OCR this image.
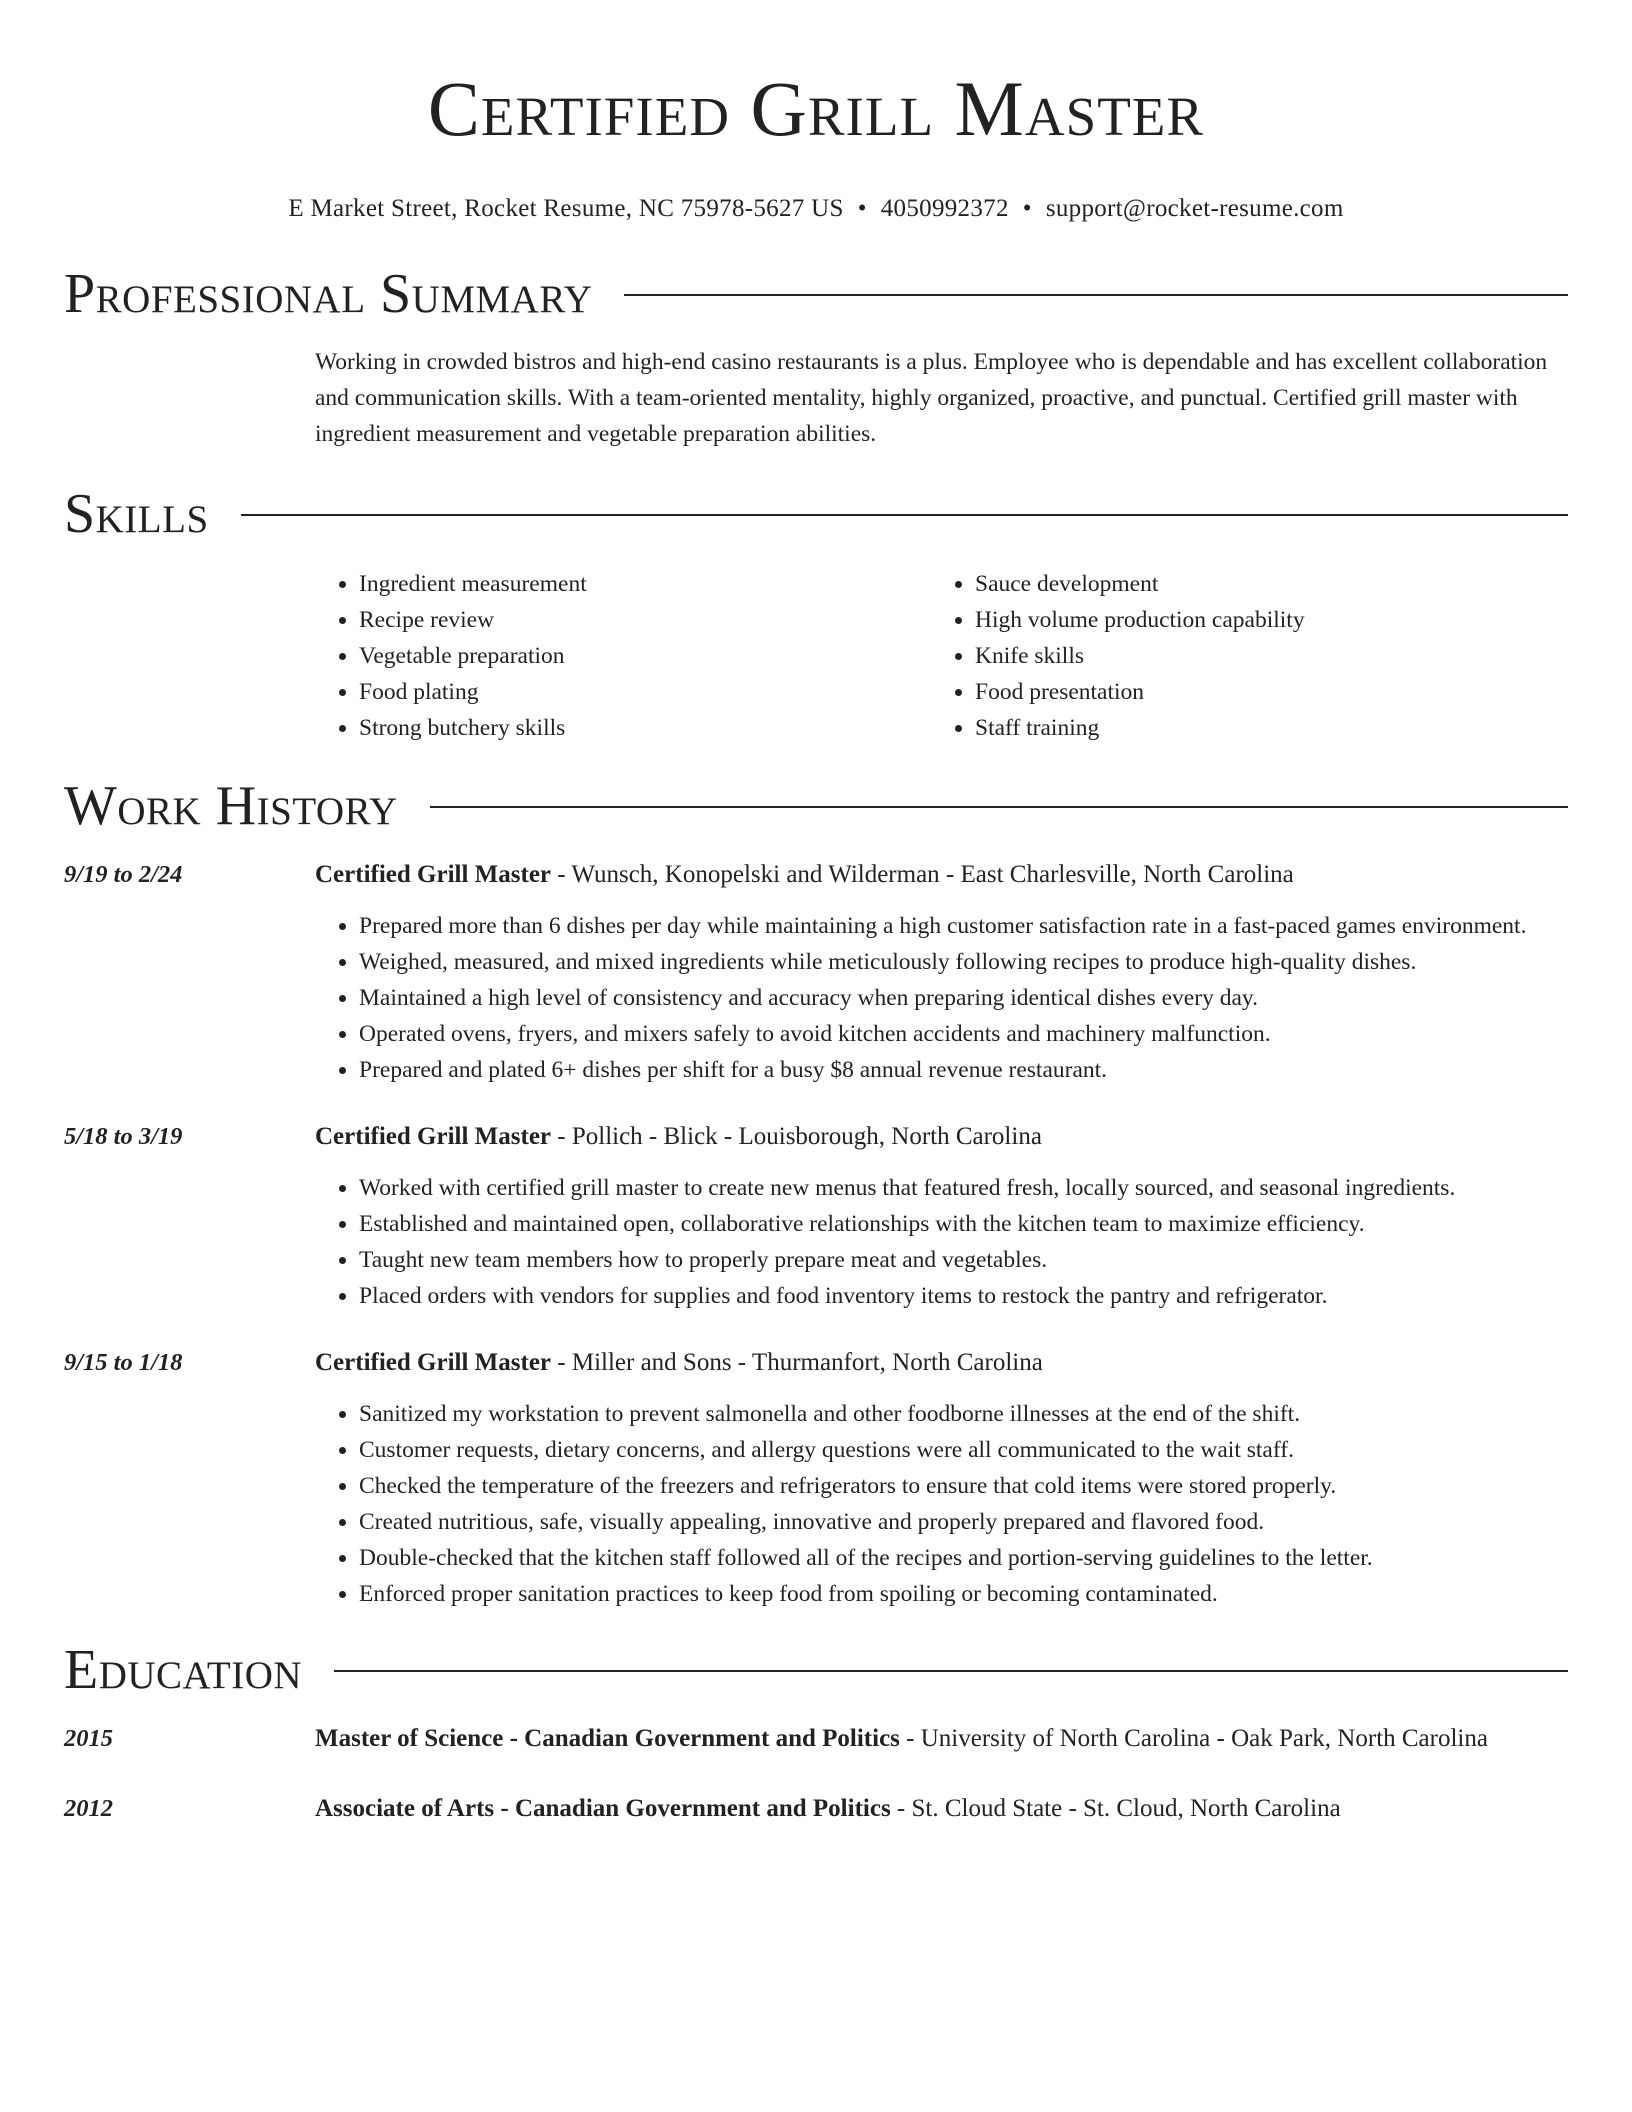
Certified Grill Master
E Market Street, Rocket Resume, NC 75978-5627 US • 4050992372 • support@rocket-resume.com
Professional Summary

Working in crowded bistros and high-end casino restaurants is a plus. Employee who is dependable and has excellent collaboration and communication skills. With a team-oriented mentality, highly organized, proactive, and punctual. Certified grill master with ingredient measurement and vegetable preparation abilities.

Skills
• Ingredient measurement
• Recipe review
• Vegetable preparation
• Food plating
• Strong butchery skills
• Sauce development
• High volume production capability
• Knife skills
• Food presentation
• Staff training
Work History
9/19 to 2/24	Certified Grill Master - Wunsch, Konopelski and Wilderman - East Charlesville, North Carolina
• Prepared more than 6 dishes per day while maintaining a high customer satisfaction rate in a fast-paced games environment.
• Weighed, measured, and mixed ingredients while meticulously following recipes to produce high-quality dishes.
• Maintained a high level of consistency and accuracy when preparing identical dishes every day.
• Operated ovens, fryers, and mixers safely to avoid kitchen accidents and machinery malfunction.
• Prepared and plated 6+ dishes per shift for a busy $8 annual revenue restaurant.
5/18 to 3/19	Certified Grill Master - Pollich - Blick - Louisborough, North Carolina
• Worked with certified grill master to create new menus that featured fresh, locally sourced, and seasonal ingredients.
• Established and maintained open, collaborative relationships with the kitchen team to maximize efficiency.
• Taught new team members how to properly prepare meat and vegetables.
• Placed orders with vendors for supplies and food inventory items to restock the pantry and refrigerator.
9/15 to 1/18	Certified Grill Master - Miller and Sons - Thurmanfort, North Carolina
• Sanitized my workstation to prevent salmonella and other foodborne illnesses at the end of the shift.
• Customer requests, dietary concerns, and allergy questions were all communicated to the wait staff.
• Checked the temperature of the freezers and refrigerators to ensure that cold items were stored properly.
• Created nutritious, safe, visually appealing, innovative and properly prepared and flavored food.
• Double-checked that the kitchen staff followed all of the recipes and portion-serving guidelines to the letter.
• Enforced proper sanitation practices to keep food from spoiling or becoming contaminated.
Education
2015	Master of Science - Canadian Government and Politics - University of North Carolina - Oak Park, North Carolina
2012	Associate of Arts - Canadian Government and Politics - St. Cloud State - St. Cloud, North Carolina
